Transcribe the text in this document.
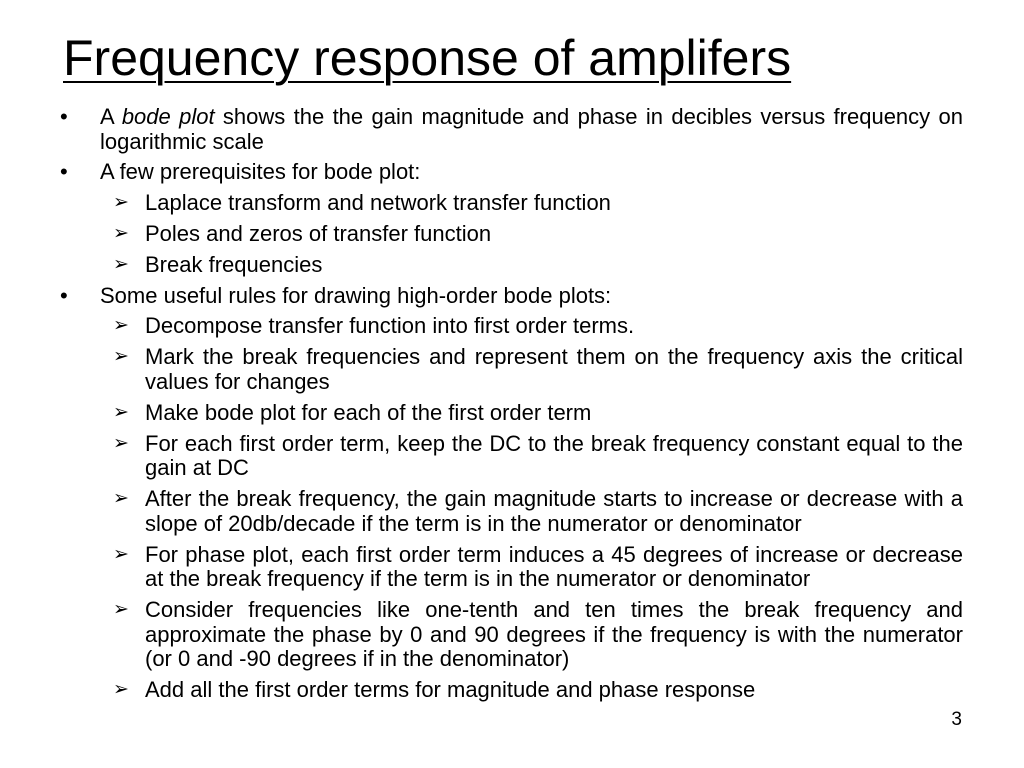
Frequency response of amplifers
• A bode plot shows the the gain magnitude and phase in decibles versus frequency on logarithmic scale
• A few prerequisites for bode plot:
➢ Laplace transform and network transfer function
➢ Poles and zeros of transfer function
➢ Break frequencies
• Some useful rules for drawing high-order bode plots:
➢ Decompose transfer function into first order terms.
➢ Mark the break frequencies and represent them on the frequency axis the critical values for changes
➢ Make bode plot for each of the first order term
➢ For each first order term, keep the DC to the break frequency constant equal to the gain at DC
➢ After the break frequency, the gain magnitude starts to increase or decrease with a slope of 20db/decade if the term is in the numerator or denominator
➢ For phase plot, each first order term induces a 45 degrees of increase or decrease at the break frequency if the term is in the numerator or denominator
➢ Consider frequencies like one-tenth and ten times the break frequency and approximate the phase by 0 and 90 degrees if the frequency is with the numerator (or 0 and -90 degrees if in the denominator)
➢ Add all the first order terms for magnitude and phase response
3
